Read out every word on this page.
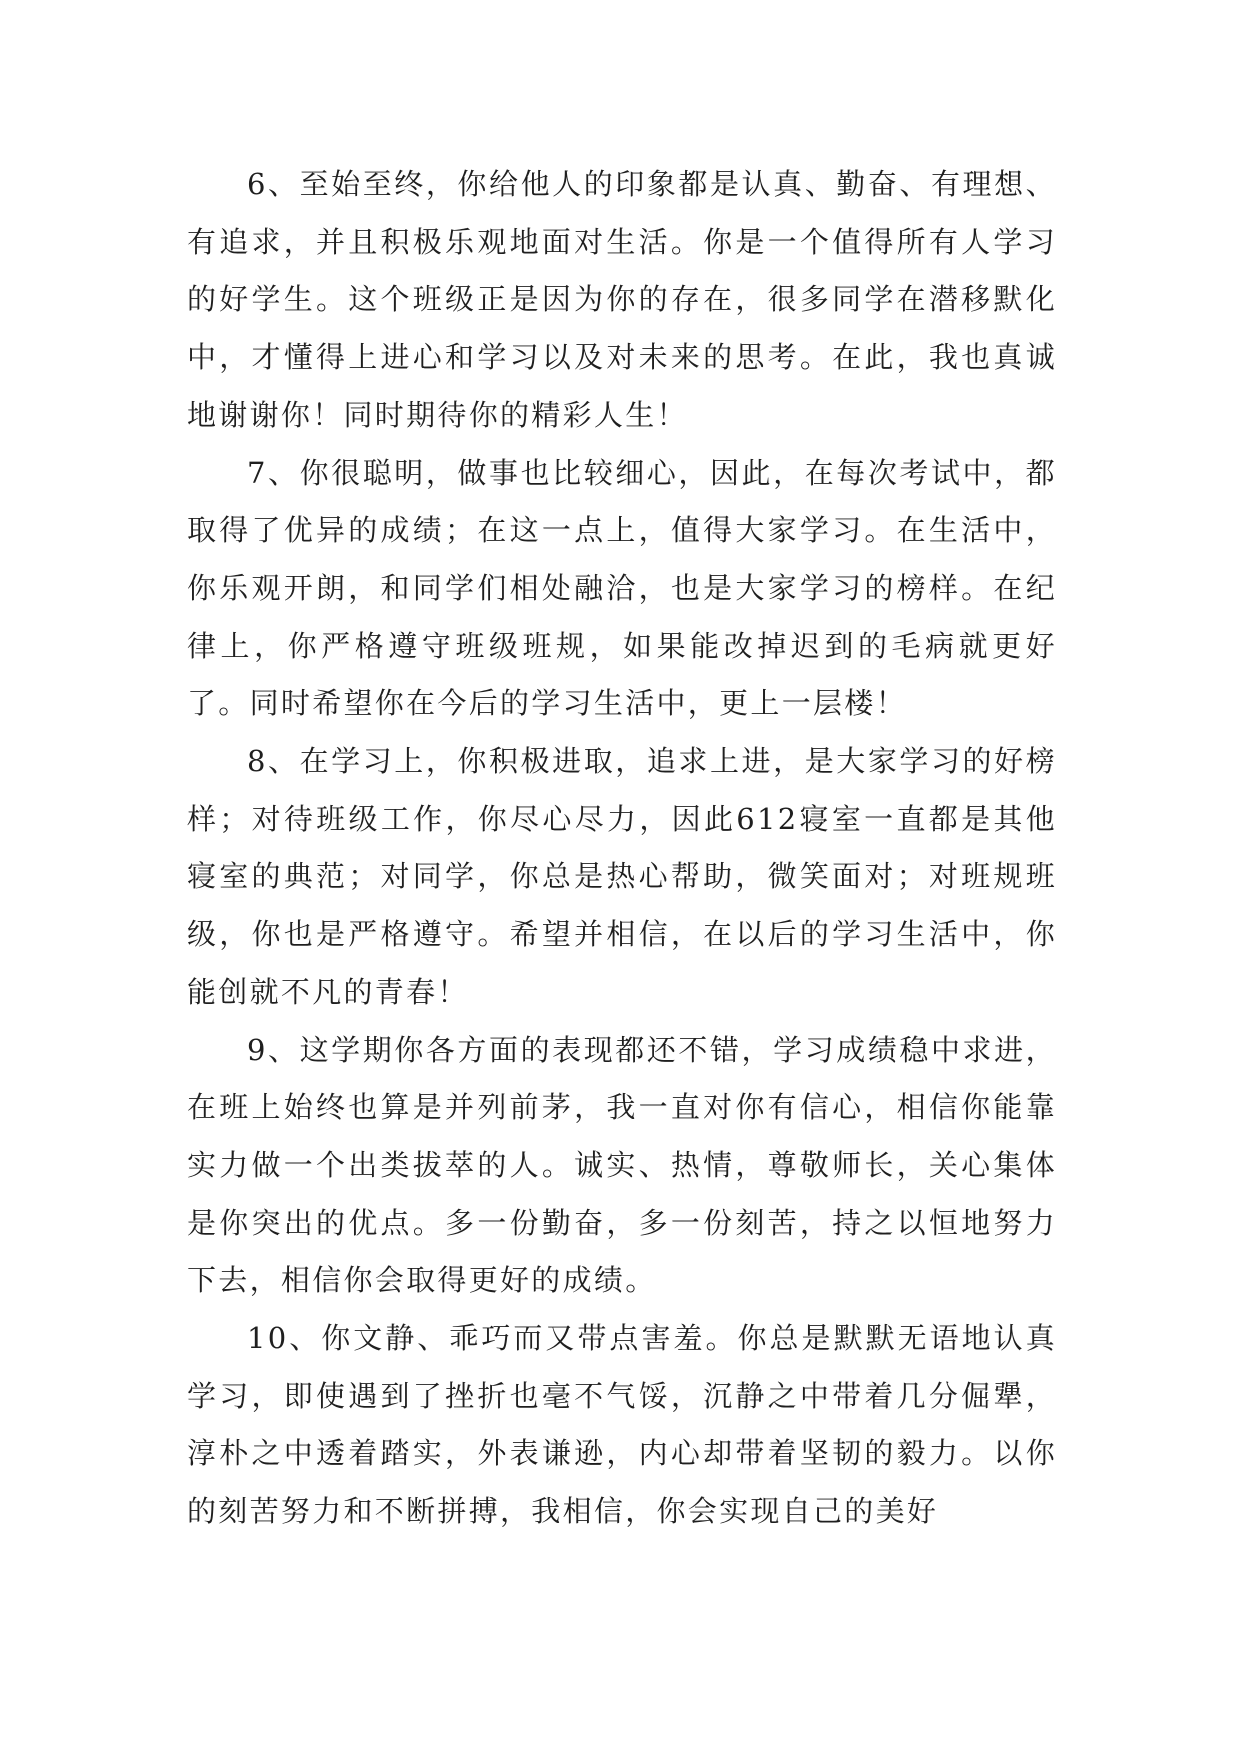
6、至始至终，你给他人的印象都是认真、勤奋、有理想、有追求，并且积极乐观地面对生活。你是一个值得所有人学习的好学生。这个班级正是因为你的存在，很多同学在潜移默化中，才懂得上进心和学习以及对未来的思考。在此，我也真诚地谢谢你！同时期待你的精彩人生！

7、你很聪明，做事也比较细心，因此，在每次考试中，都取得了优异的成绩；在这一点上，值得大家学习。在生活中，你乐观开朗，和同学们相处融洽，也是大家学习的榜样。在纪律上，你严格遵守班级班规，如果能改掉迟到的毛病就更好了。同时希望你在今后的学习生活中，更上一层楼！

8、在学习上，你积极进取，追求上进，是大家学习的好榜样；对待班级工作，你尽心尽力，因此612寝室一直都是其他寝室的典范；对同学，你总是热心帮助，微笑面对；对班规班级，你也是严格遵守。希望并相信，在以后的学习生活中，你能创就不凡的青春！

9、这学期你各方面的表现都还不错，学习成绩稳中求进，在班上始终也算是并列前茅，我一直对你有信心，相信你能靠实力做一个出类拔萃的人。诚实、热情，尊敬师长，关心集体是你突出的优点。多一份勤奋，多一份刻苦，持之以恒地努力下去，相信你会取得更好的成绩。

10、你文静、乖巧而又带点害羞。你总是默默无语地认真学习，即使遇到了挫折也毫不气馁，沉静之中带着几分倔犟，淳朴之中透着踏实，外表谦逊，内心却带着坚韧的毅力。以你的刻苦努力和不断拼搏，我相信，你会实现自己的美好
